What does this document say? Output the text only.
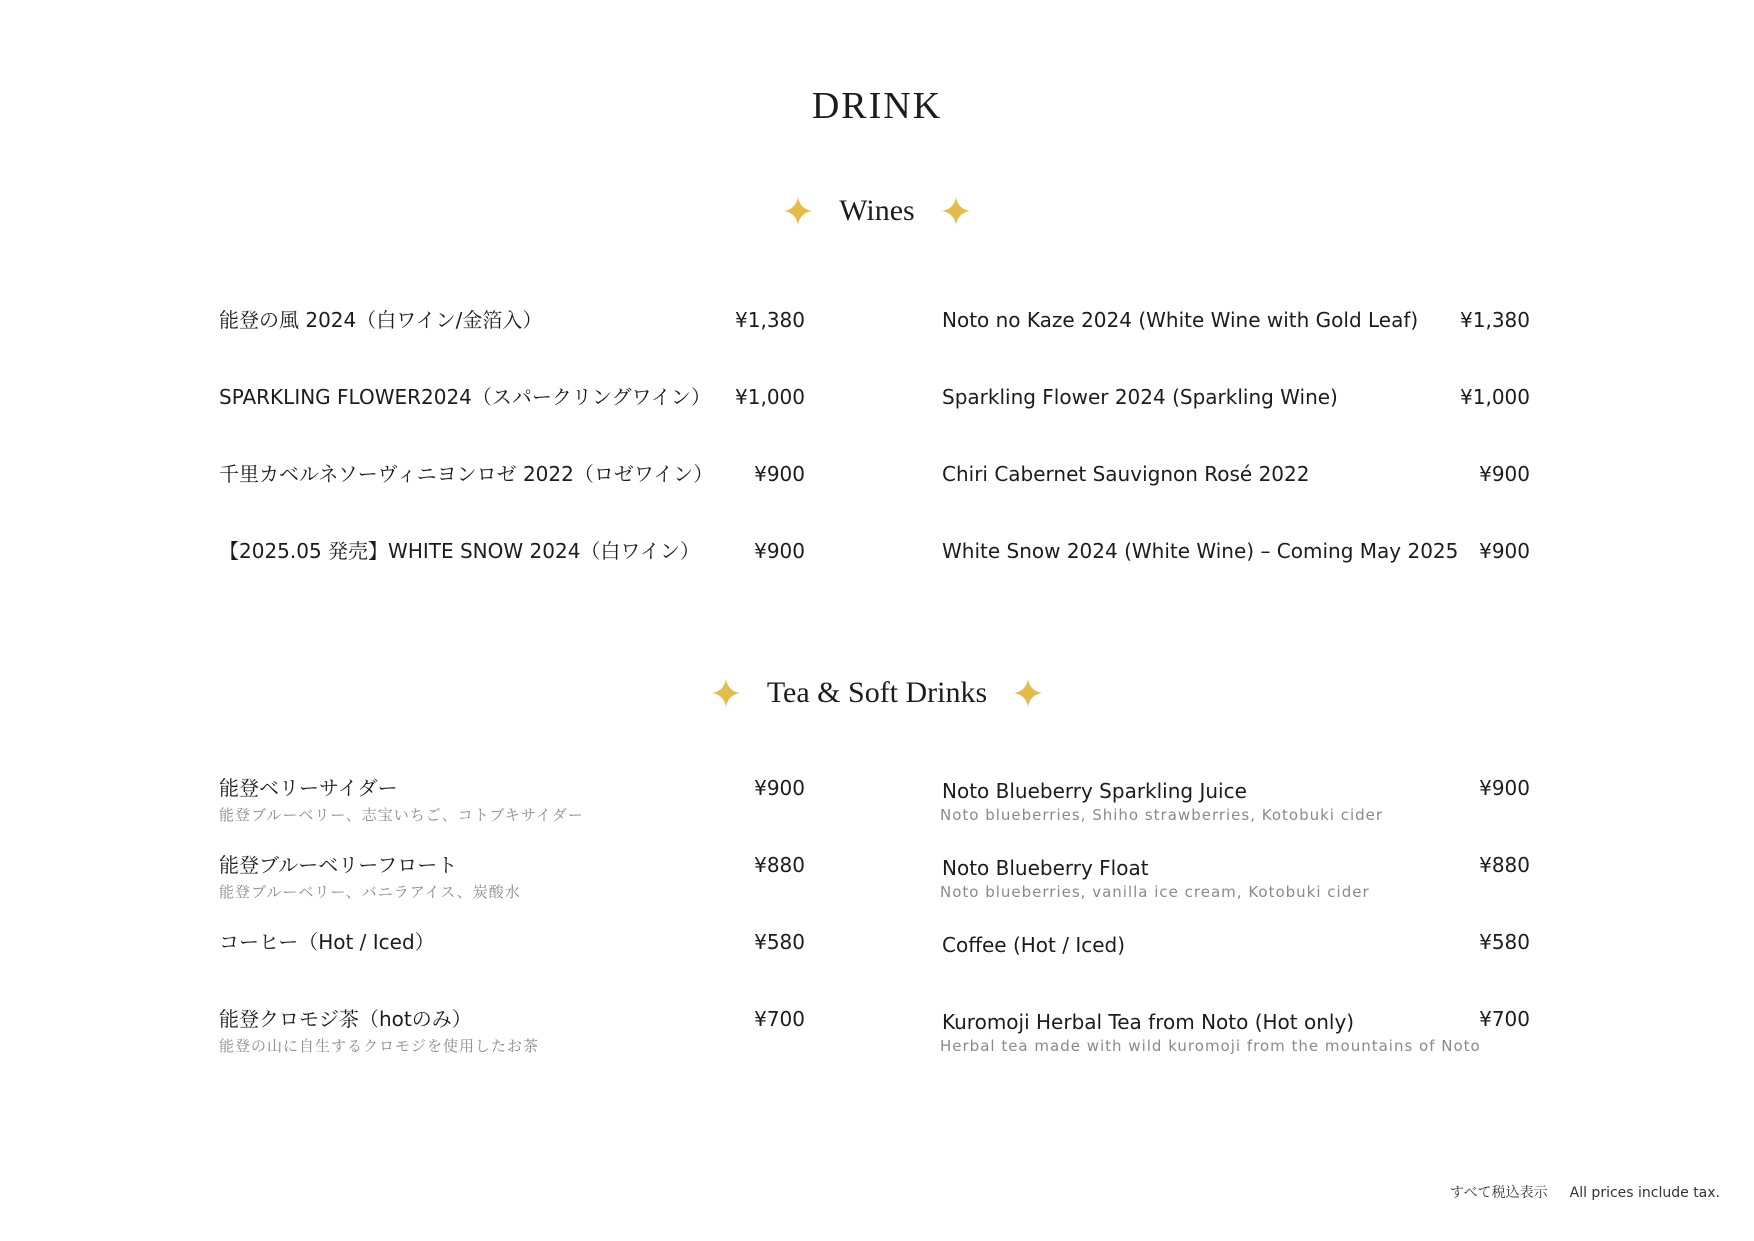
DRINK
Wines
能登の風 2024（白ワイン/金箔入）	¥1,380
SPARKLING FLOWER2024（スパークリングワイン） ¥1,000
千里カベルネソーヴィニヨンロゼ 2022（ロゼワイン） ¥900
【2025.05 発売】WHITE SNOW 2024（白ワイン）	¥900
Noto no Kaze 2024 (White Wine with Gold Leaf) ¥1,380
Sparkling Flower 2024 (Sparkling Wine)	¥1,000
Chiri Cabernet Sauvignon Rosé 2022	¥900
White Snow 2024 (White Wine) – Coming May 2025 ¥900
Tea & Soft Drinks
能登ベリーサイダー	¥900
能登ブルーベリー、志宝いちご、コトブキサイダー
能登ブルーベリーフロート	¥880
能登ブルーベリー、バニラアイス、炭酸水
コーヒー（Hot / Iced）	¥580
能登クロモジ茶（hotのみ）	¥700
能登の山に自生するクロモジを使用したお茶
Noto Blueberry Sparkling Juice	¥900
Noto blueberries, Shiho strawberries, Kotobuki cider
Noto Blueberry Float	¥880
Noto blueberries, vanilla ice cream, Kotobuki cider
Coffee (Hot / Iced)	¥580
Kuromoji Herbal Tea from Noto (Hot only)	¥700
Herbal tea made with wild kuromoji from the mountains of Noto
すべて税込表示 All prices include tax.
